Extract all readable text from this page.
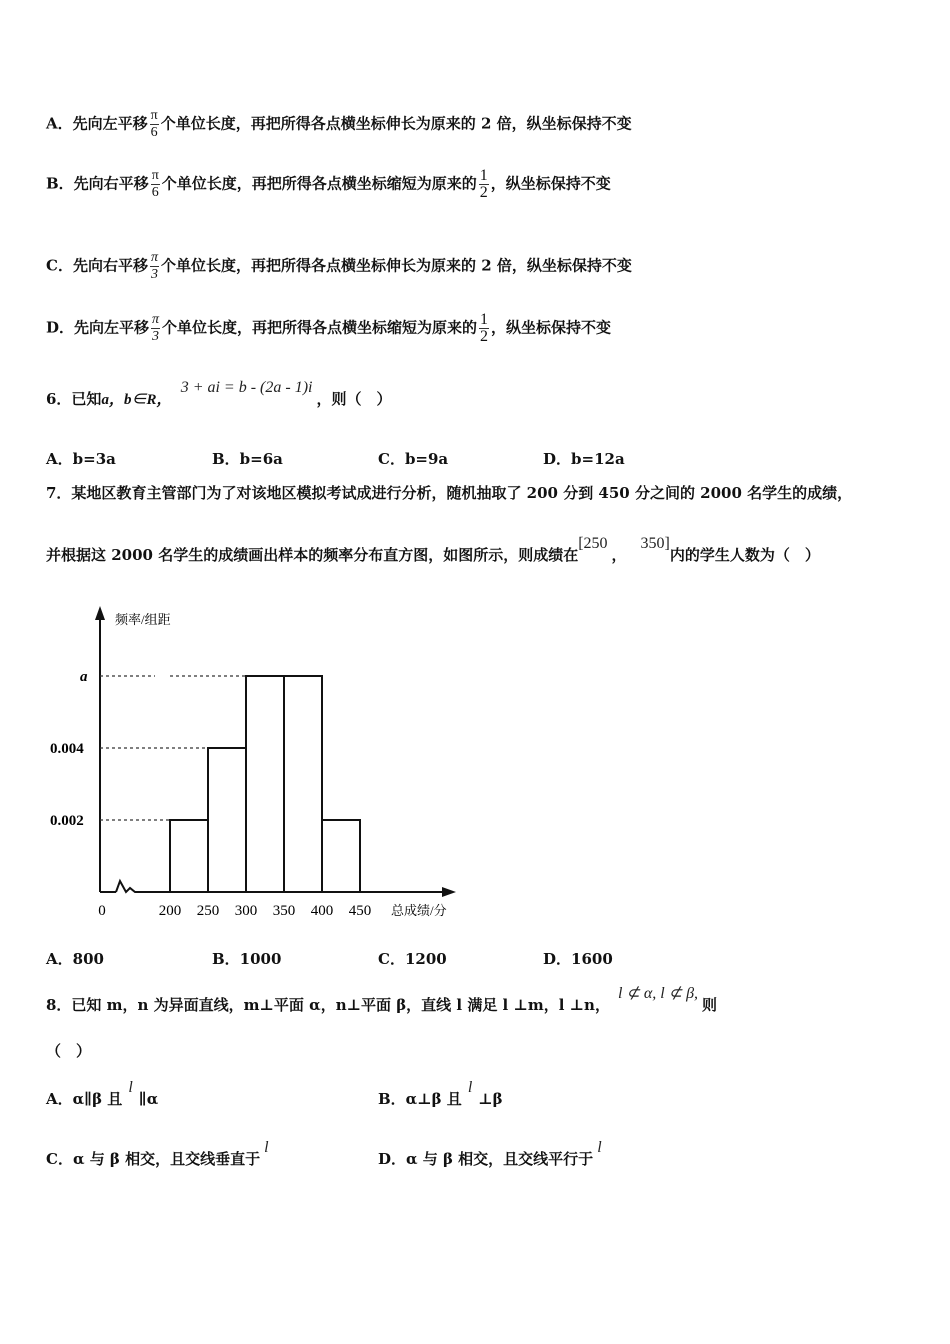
A．先向左平移 $\frac{\pi}{6}$ 个单位长度，再把所得各点横坐标伸长为原来的 2 倍，纵坐标保持不变
B．先向右平移 $\frac{\pi}{6}$ 个单位长度，再把所得各点横坐标缩短为原来的 $\frac{1}{2}$ ，纵坐标保持不变
C．先向右平移 $\frac{\pi}{3}$ 个单位长度，再把所得各点横坐标伸长为原来的 2 倍，纵坐标保持不变
D．先向左平移 $\frac{\pi}{3}$ 个单位长度，再把所得各点横坐标缩短为原来的 $\frac{1}{2}$ ，纵坐标保持不变
6．已知a，b∈R， 3 + ai = b - (2a - 1)i，则（　）
A．b=3a	B．b=6a	C．b=9a	D．b=12a
7．某地区教育主管部门为了对该地区模拟考试成进行分析，随机抽取了 200 分到 450 分之间的 2000 名学生的成绩，
并根据这 2000 名学生的成绩画出样本的频率分布直方图，如图所示，则成绩在[250，350]内的学生人数为（　）
频率/组距
总成绩/分
0.002
0.004
a
0	200 250 300 350 400 450
A．800	B．1000	C．1200	D．1600
8．已知 m，n 为异面直线，m⊥平面 α，n⊥平面 β，直线 l 满足 l ⊥m，l ⊥n，l ⊄ α, l ⊄ β,则
（　）
A．α∥β 且l∥α	B．α⊥β 且l⊥β
C．α 与 β 相交，且交线垂直于l
D．α 与 β 相交，且交线平行于l
